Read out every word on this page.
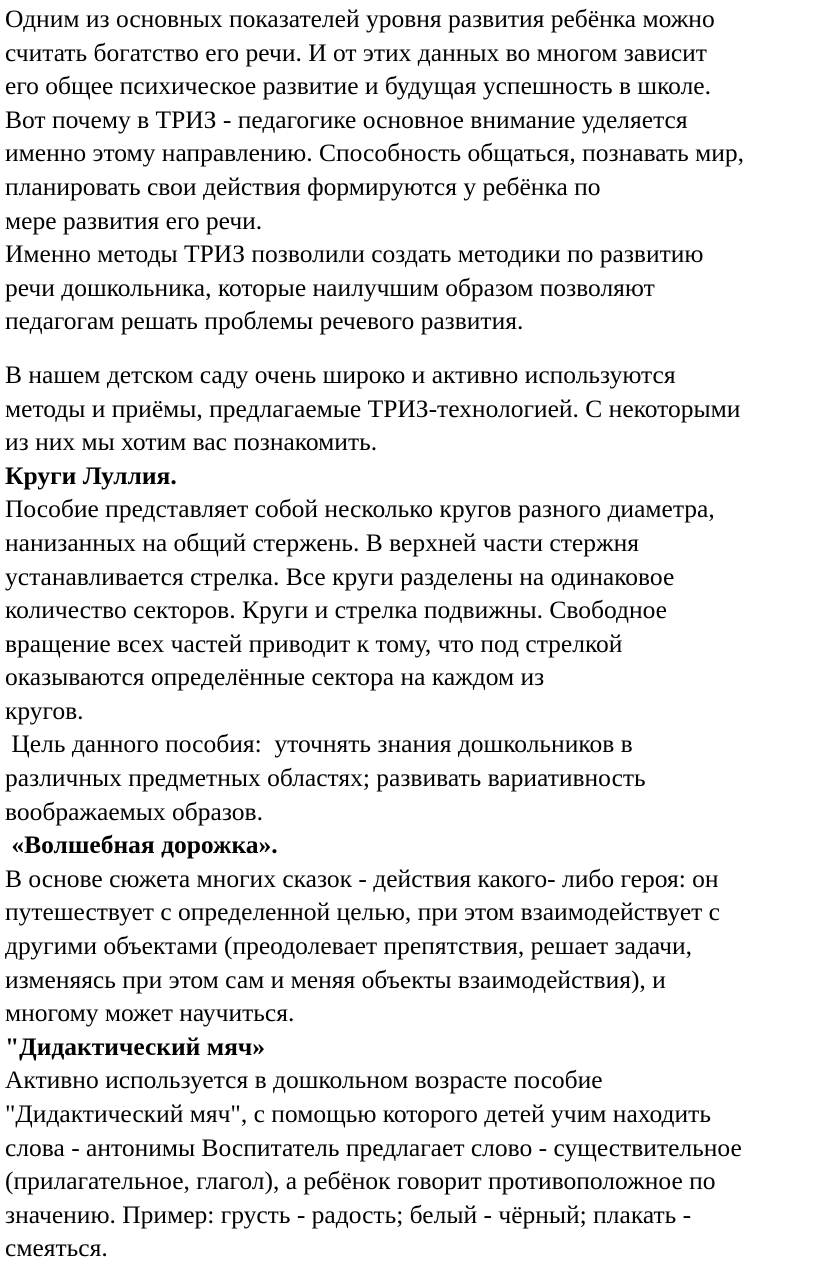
Одним из основных показателей уровня развития ребёнка можно
считать богатство его речи. И от этих данных во многом зависит
его общее психическое развитие и будущая успешность в школе.
Вот почему в ТРИЗ - педагогике основное внимание уделяется
именно этому направлению. Способность общаться, познавать мир,
планировать свои действия формируются у ребёнка по
мере развития его речи.
Именно методы ТРИЗ позволили создать методики по развитию
речи дошкольника, которые наилучшим образом позволяют
педагогам решать проблемы речевого развития.

В нашем детском саду очень широко и активно используются
методы и приёмы, предлагаемые ТРИЗ-технологией. С некоторыми
из них мы хотим вас познакомить.

Круги Луллия.

Пособие представляет собой несколько кругов разного диаметра,
нанизанных на общий стержень. В верхней части стержня
устанавливается стрелка. Все круги разделены на одинаковое
количество секторов. Круги и стрелка подвижны. Свободное
вращение всех частей приводит к тому, что под стрелкой
оказываются определённые сектора на каждом из
кругов.

Цель данного пособия:  уточнять знания дошкольников в
различных предметных областях; развивать вариативность
воображаемых образов.

«Волшебная дорожка».

В основе сюжета многих сказок - действия какого- либо героя: он
путешествует с определенной целью, при этом взаимодействует с
другими объектами (преодолевает препятствия, решает задачи,
изменяясь при этом сам и меняя объекты взаимодействия), и
многому может научиться.

"Дидактический мяч»

Активно используется в дошкольном возрасте пособие
"Дидактический мяч", с помощью которого детей учим находить
слова - антонимы Воспитатель предлагает слово - существительное
(прилагательное, глагол), а ребёнок говорит противоположное по
значению. Пример: грусть - радость; белый - чёрный; плакать -
смеяться.
